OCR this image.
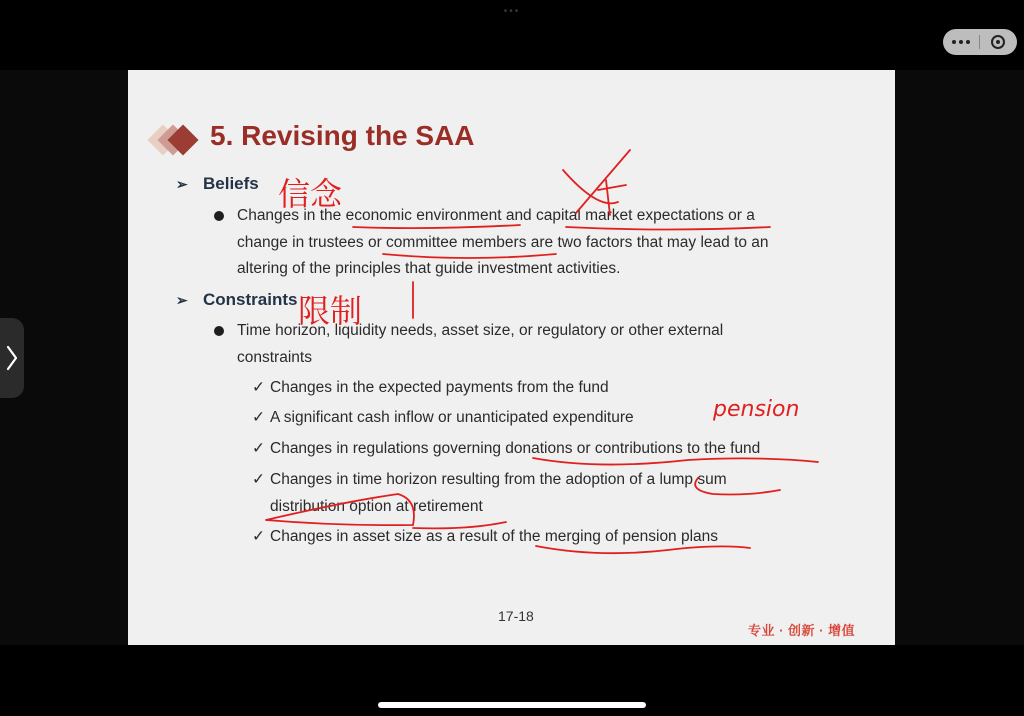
•••
5. Revising the SAA
➢ Beliefs
Changes in the economic environment and capital market expectations or a
change in trustees or committee members are two factors that may lead to an
altering of the principles that guide investment activities.
➢ Constraints
Time horizon, liquidity needs, asset size, or regulatory or other external
constraints
✓ Changes in the expected payments from the fund
✓ A significant cash inflow or unanticipated expenditure
✓ Changes in regulations governing donations or contributions to the fund
✓ Changes in time horizon resulting from the adoption of a lump sum
distribution option at retirement
✓ Changes in asset size as a result of the merging of pension plans
17-18
专业 · 创新 · 增值
信念
限制
pension
